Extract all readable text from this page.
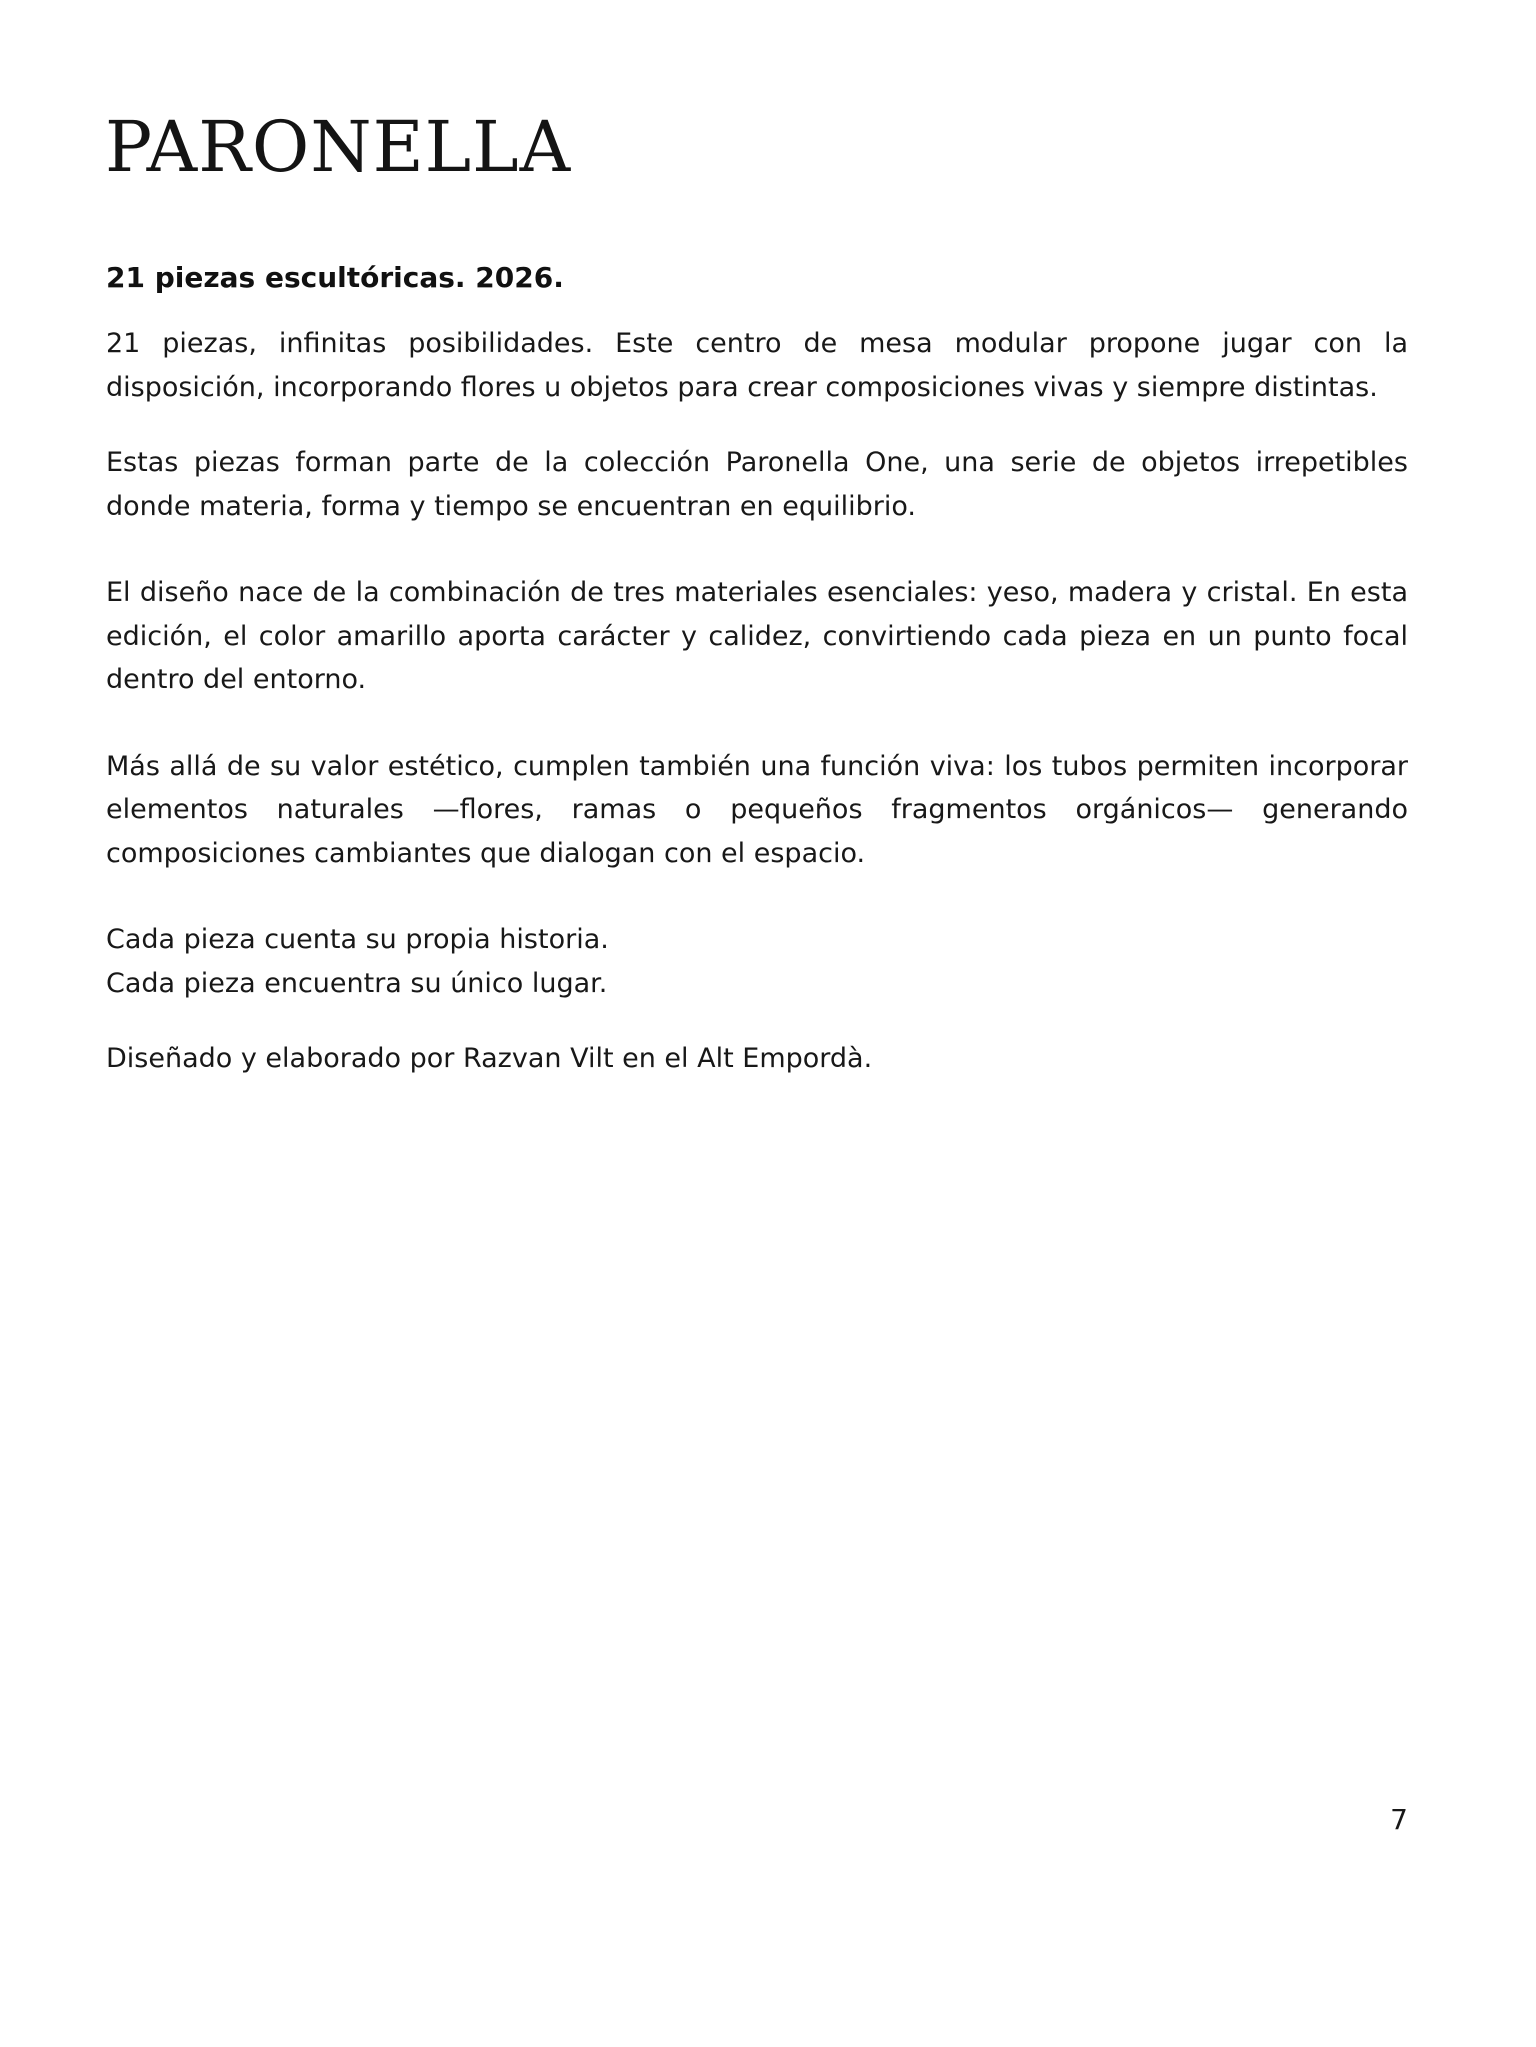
PARONELLA
21 piezas escultóricas. 2026.

21 piezas, infinitas posibilidades. Este centro de mesa modular propone jugar con la disposición, incorporando flores u objetos para crear composiciones vivas y siempre distintas.

Estas piezas forman parte de la colección Paronella One, una serie de objetos irrepetibles donde materia, forma y tiempo se encuentran en equilibrio.

El diseño nace de la combinación de tres materiales esenciales: yeso, madera y cristal. En esta edición, el color amarillo aporta carácter y calidez, convirtiendo cada pieza en un punto focal dentro del entorno.

Más allá de su valor estético, cumplen también una función viva: los tubos permiten incorporar elementos naturales —flores, ramas o pequeños fragmentos orgánicos— generando composiciones cambiantes que dialogan con el espacio.

Cada pieza cuenta su propia historia.
Cada pieza encuentra su único lugar.

Diseñado y elaborado por Razvan Vilt en el Alt Empordà.

7
